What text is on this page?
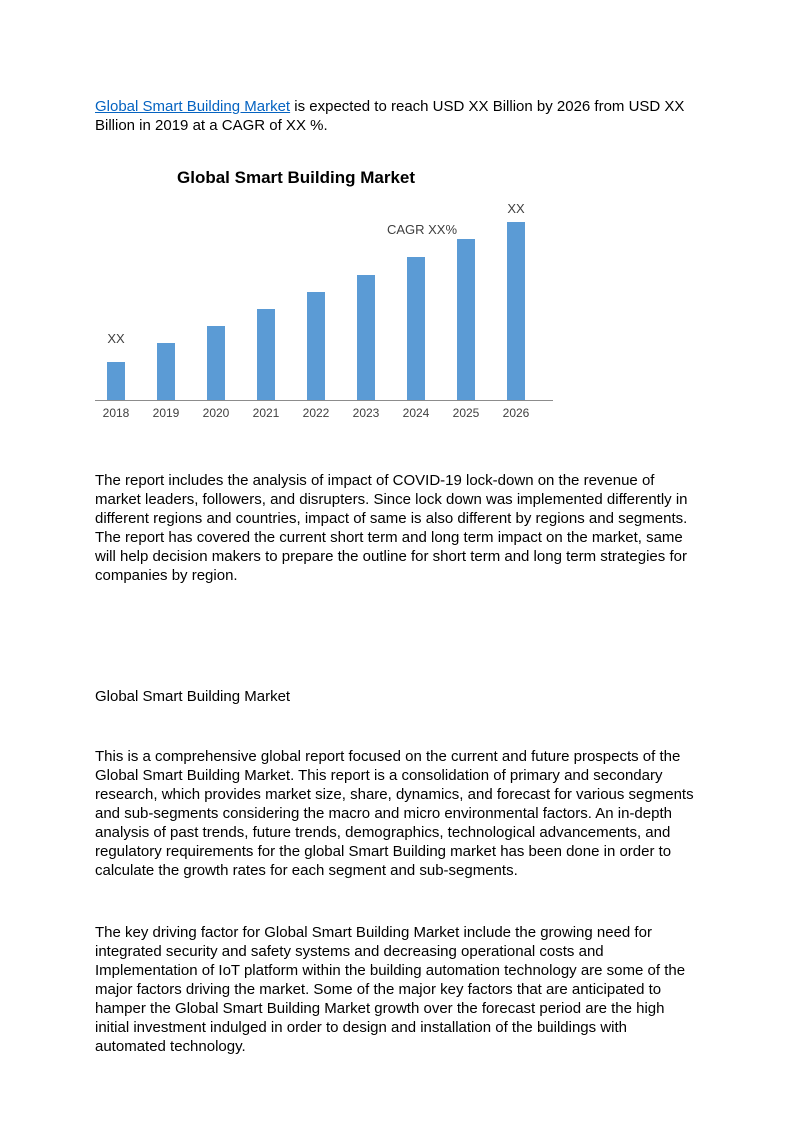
Global Smart Building Market is expected to reach USD XX Billion by 2026 from USD XX Billion in 2019 at a CAGR of XX %.

Global Smart Building Market
XX
CAGR XX%
XX
2018 2019 2020 2021 2022 2023 2024 2025 2026

The report includes the analysis of impact of COVID-19 lock-down on the revenue of market leaders, followers, and disrupters. Since lock down was implemented differently in different regions and countries, impact of same is also different by regions and segments. The report has covered the current short term and long term impact on the market, same will help decision makers to prepare the outline for short term and long term strategies for companies by region.

Global Smart Building Market

This is a comprehensive global report focused on the current and future prospects of the Global Smart Building Market. This report is a consolidation of primary and secondary research, which provides market size, share, dynamics, and forecast for various segments and sub-segments considering the macro and micro environmental factors. An in-depth analysis of past trends, future trends, demographics, technological advancements, and regulatory requirements for the global Smart Building market has been done in order to calculate the growth rates for each segment and sub-segments.

The key driving factor for Global Smart Building Market include the growing need for integrated security and safety systems and decreasing operational costs and Implementation of IoT platform within the building automation technology are some of the major factors driving the market. Some of the major key factors that are anticipated to hamper the Global Smart Building Market growth over the forecast period are the high initial investment indulged in order to design and installation of the buildings with automated technology.
